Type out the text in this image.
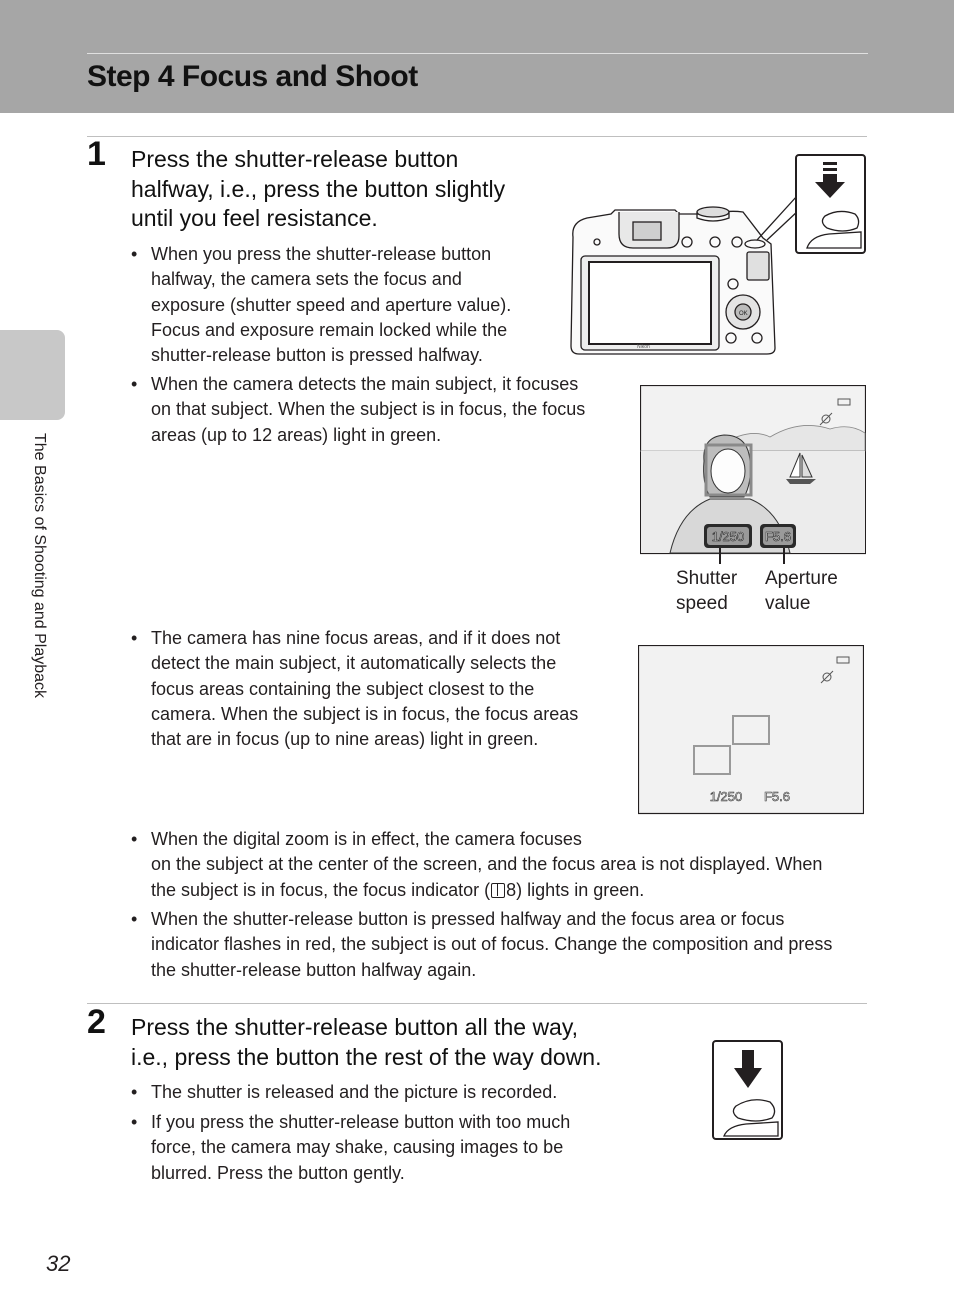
Step 4 Focus and Shoot
The Basics of Shooting and Playback
1 Press the shutter-release button
halfway, i.e., press the button slightly
until you feel resistance.
• When you press the shutter-release button
halfway, the camera sets the focus and
exposure (shutter speed and aperture value).
Focus and exposure remain locked while the
shutter-release button is pressed halfway.
• When the camera detects the main subject, it focuses
on that subject. When the subject is in focus, the focus
areas (up to 12 areas) light in green.
• The camera has nine focus areas, and if it does not
detect the main subject, it automatically selects the
focus areas containing the subject closest to the
camera. When the subject is in focus, the focus areas
that are in focus (up to nine areas) light in green.
• When the digital zoom is in effect, the camera focuses
on the subject at the center of the screen, and the focus area is not displayed. When
the subject is in focus, the focus indicator ( 8) lights in green.
• When the shutter-release button is pressed halfway and the focus area or focus
indicator flashes in red, the subject is out of focus. Change the composition and press
the shutter-release button halfway again.
Nikon
OK
1/250 F5.6
Shutter
speed
Aperture
value
1/250 F5.6
2 Press the shutter-release button all the way,
i.e., press the button the rest of the way down.
• The shutter is released and the picture is recorded.
• If you press the shutter-release button with too much
force, the camera may shake, causing images to be
blurred. Press the button gently.
32
